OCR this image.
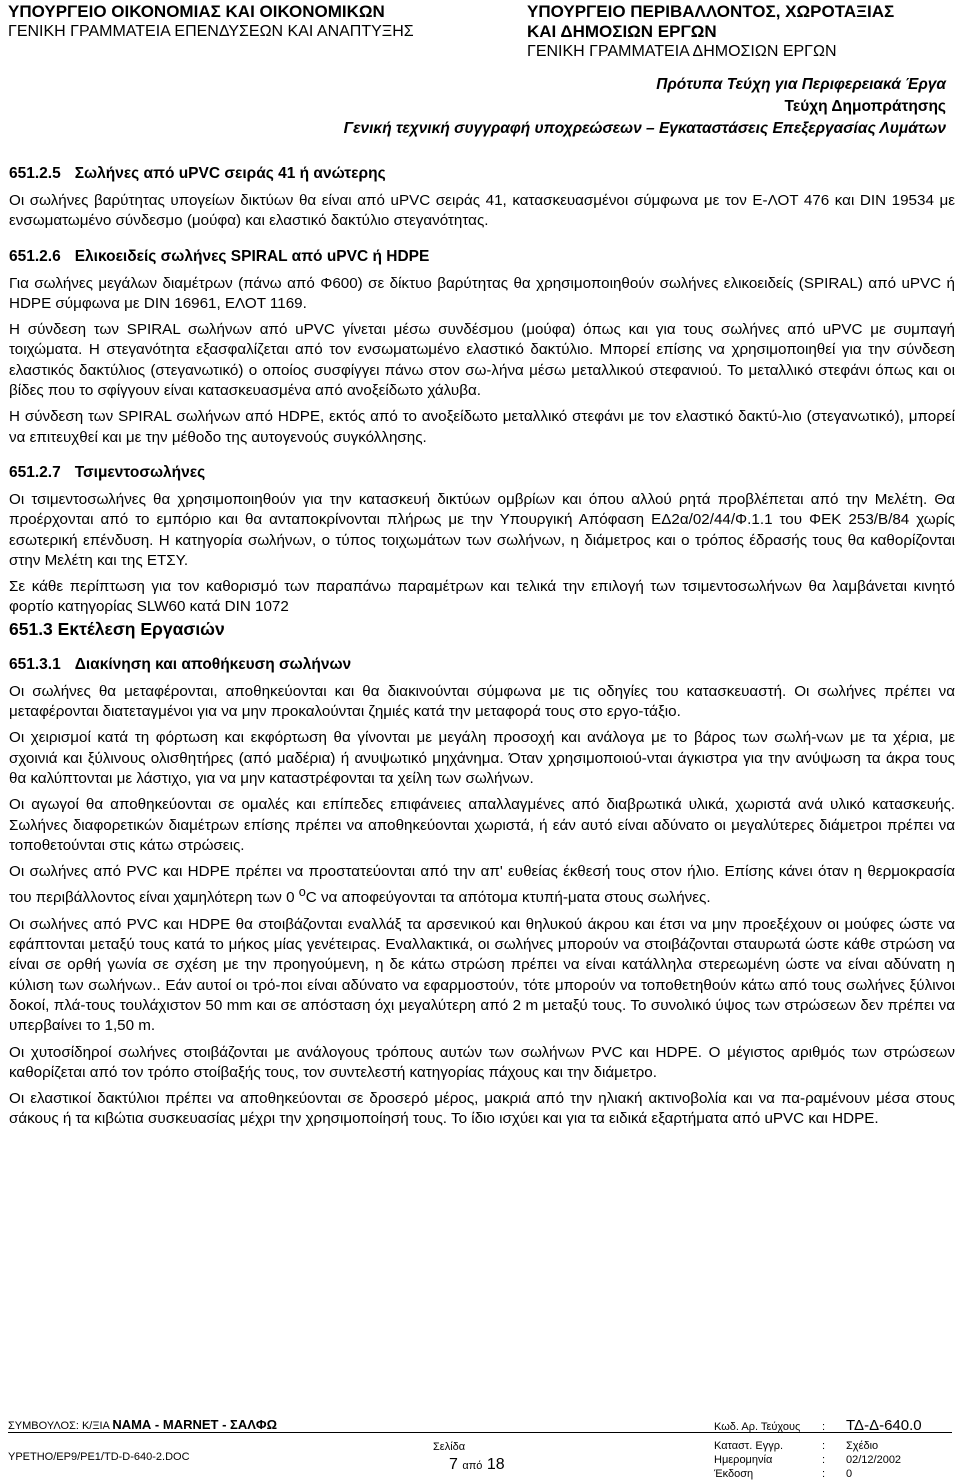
ΥΠΟΥΡΓΕΙΟ ΟΙΚΟΝΟΜΙΑΣ ΚΑΙ ΟΙΚΟΝΟΜΙΚΩΝ
ΓΕΝΙΚΗ ΓΡΑΜΜΑΤΕΙΑ ΕΠΕΝΔΥΣΕΩΝ ΚΑΙ ΑΝΑΠΤΥΞΗΣ
ΥΠΟΥΡΓΕΙΟ ΠΕΡΙΒΑΛΛΟΝΤΟΣ, ΧΩΡΟΤΑΞΙΑΣ
ΚΑΙ ΔΗΜΟΣΙΩΝ ΕΡΓΩΝ
ΓΕΝΙΚΗ ΓΡΑΜΜΑΤΕΙΑ ΔΗΜΟΣΙΩΝ ΕΡΓΩΝ
Πρότυπα Τεύχη για Περιφερειακά Έργα
Τεύχη Δημοπράτησης
Γενική τεχνική συγγραφή υποχρεώσεων – Εγκαταστάσεις Επεξεργασίας Λυμάτων
651.2.5 Σωλήνες από uPVC σειράς 41 ή ανώτερης

Οι σωλήνες βαρύτητας υπογείων δικτύων θα είναι από uPVC σειράς 41, κατασκευασμένοι σύμφωνα με τον Ε-ΛΟΤ 476 και DIN 19534 με ενσωματωμένο σύνδεσμο (μούφα) και ελαστικό δακτύλιο στεγανότητας.

651.2.6 Ελικοειδείς σωλήνες SPIRAL από uPVC ή HDPE

Για σωλήνες μεγάλων διαμέτρων (πάνω από Φ600) σε δίκτυο βαρύτητας θα χρησιμοποιηθούν σωλήνες ελικοειδείς (SPIRAL) από uPVC ή HDPE σύμφωνα με DIN 16961, ΕΛΟΤ 1169.

Η σύνδεση των SPIRAL σωλήνων από uPVC γίνεται μέσω συνδέσμου (μούφα) όπως και για τους σωλήνες από uPVC με συμπαγή τοιχώματα. Η στεγανότητα εξασφαλίζεται από τον ενσωματωμένο ελαστικό δακτύλιο. Μπορεί επίσης να χρησιμοποιηθεί για την σύνδεση ελαστικός δακτύλιος (στεγανωτικό) ο οποίος συσφίγγει πάνω στον σω-λήνα μέσω μεταλλικού στεφανιού. Το μεταλλικό στεφάνι όπως και οι βίδες που το σφίγγουν είναι κατασκευασμένα από ανοξείδωτο χάλυβα.

Η σύνδεση των SPIRAL σωλήνων από HDPE, εκτός από το ανοξείδωτο μεταλλικό στεφάνι με τον ελαστικό δακτύ-λιο (στεγανωτικό), μπορεί να επιτευχθεί και με την μέθοδο της αυτογενούς συγκόλλησης.

651.2.7 Τσιμεντοσωλήνες

Οι τσιμεντοσωλήνες θα χρησιμοποιηθούν για την κατασκευή δικτύων ομβρίων και όπου αλλού ρητά προβλέπεται από την Μελέτη. Θα προέρχονται από το εμπόριο και θα ανταποκρίνονται πλήρως με την Υπουργική Απόφαση ΕΔ2α/02/44/Φ.1.1 του ΦΕΚ 253/Β/84 χωρίς εσωτερική επένδυση. Η κατηγορία σωλήνων, ο τύπος τοιχωμάτων των σωλήνων, η διάμετρος και ο τρόπος έδρασής τους θα καθορίζονται στην Μελέτη και της ΕΤΣΥ.

Σε κάθε περίπτωση για τον καθορισμό των παραπάνω παραμέτρων και τελικά την επιλογή των τσιμεντοσωλήνων θα λαμβάνεται κινητό φορτίο κατηγορίας SLW60 κατά DIN 1072

651.3 Εκτέλεση Εργασιών
651.3.1 Διακίνηση και αποθήκευση σωλήνων

Οι σωλήνες θα μεταφέρονται, αποθηκεύονται και θα διακινούνται σύμφωνα με τις οδηγίες του κατασκευαστή. Οι σωλήνες πρέπει να μεταφέρονται διατεταγμένοι για να μην προκαλούνται ζημιές κατά την μεταφορά τους στο εργο-τάξιο.

Οι χειρισμοί κατά τη φόρτωση και εκφόρτωση θα γίνονται με μεγάλη προσοχή και ανάλογα με το βάρος των σωλή-νων με τα χέρια, με σχοινιά και ξύλινους ολισθητήρες (από μαδέρια) ή ανυψωτικό μηχάνημα. Όταν χρησιμοποιού-νται άγκιστρα για την ανύψωση τα άκρα τους θα καλύπτονται με λάστιχο, για να μην καταστρέφονται τα χείλη των σωλήνων.

Οι αγωγοί θα αποθηκεύονται σε ομαλές και επίπεδες επιφάνειες απαλλαγμένες από διαβρωτικά υλικά, χωριστά ανά υλικό κατασκευής. Σωλήνες διαφορετικών διαμέτρων επίσης πρέπει να αποθηκεύονται χωριστά, ή εάν αυτό είναι αδύνατο οι μεγαλύτερες διάμετροι πρέπει να τοποθετούνται στις κάτω στρώσεις.

Οι σωλήνες από PVC και HDPE πρέπει να προστατεύονται από την απ' ευθείας έκθεσή τους στον ήλιο. Επίσης κάνει όταν η θερμοκρασία του περιβάλλοντος είναι χαμηλότερη των 0 $^o$C να αποφεύγονται τα απότομα κτυπή-ματα στους σωλήνες.

Οι σωλήνες από PVC και HDPE θα στοιβάζονται εναλλάξ τα αρσενικού και θηλυκού άκρου και έτσι να μην προεξέχουν οι μούφες ώστε να εφάπτονται μεταξύ τους κατά το μήκος μίας γενέτειρας. Εναλλακτικά, οι σωλήνες μπορούν να στοιβάζονται σταυρωτά ώστε κάθε στρώση να είναι σε ορθή γωνία σε σχέση με την προηγούμενη, η δε κάτω στρώση πρέπει να είναι κατάλληλα στερεωμένη ώστε να είναι αδύνατη η κύλιση των σωλήνων.. Εάν αυτοί οι τρό-ποι είναι αδύνατο να εφαρμοστούν, τότε μπορούν να τοποθετηθούν κάτω από τους σωλήνες ξύλινοι δοκοί, πλά-τους τουλάχιστον 50 mm και σε απόσταση όχι μεγαλύτερη από 2 m μεταξύ τους. Το συνολικό ύψος των στρώσεων δεν πρέπει να υπερβαίνει το 1,50 m.

Οι χυτοσίδηροί σωλήνες στοιβάζονται με ανάλογους τρόπους αυτών των σωλήνων PVC και HDPE. Ο μέγιστος αριθμός των στρώσεων καθορίζεται από τον τρόπο στοίβαξής τους, τον συντελεστή κατηγορίας πάχους και την διάμετρο.

Οι ελαστικοί δακτύλιοι πρέπει να αποθηκεύονται σε δροσερό μέρος, μακριά από την ηλιακή ακτινοβολία και να πα-ραμένουν μέσα στους σάκους ή τα κιβώτια συσκευασίας μέχρι την χρησιμοποίησή τους. Το ίδιο ισχύει και για τα ειδικά εξαρτήματα από uPVC και HDPE.

ΣΥΜΒΟΥΛΟΣ: Κ/ΞΙΑ ΝΑΜΑ - MARNET - ΣΑΛΦΩ
ΥΡΕΤΗΟ/ΕΡ9/ΡΕ1/TD-D-640-2.DOC
Σελίδα
7 από 18
Κωδ. Αρ. Τεύχους : ΤΔ-Δ-640.0
Καταστ. Εγγρ.	: Σχέδιο
Ημερομηνία	: 02/12/2002
Έκδοση	: 0
